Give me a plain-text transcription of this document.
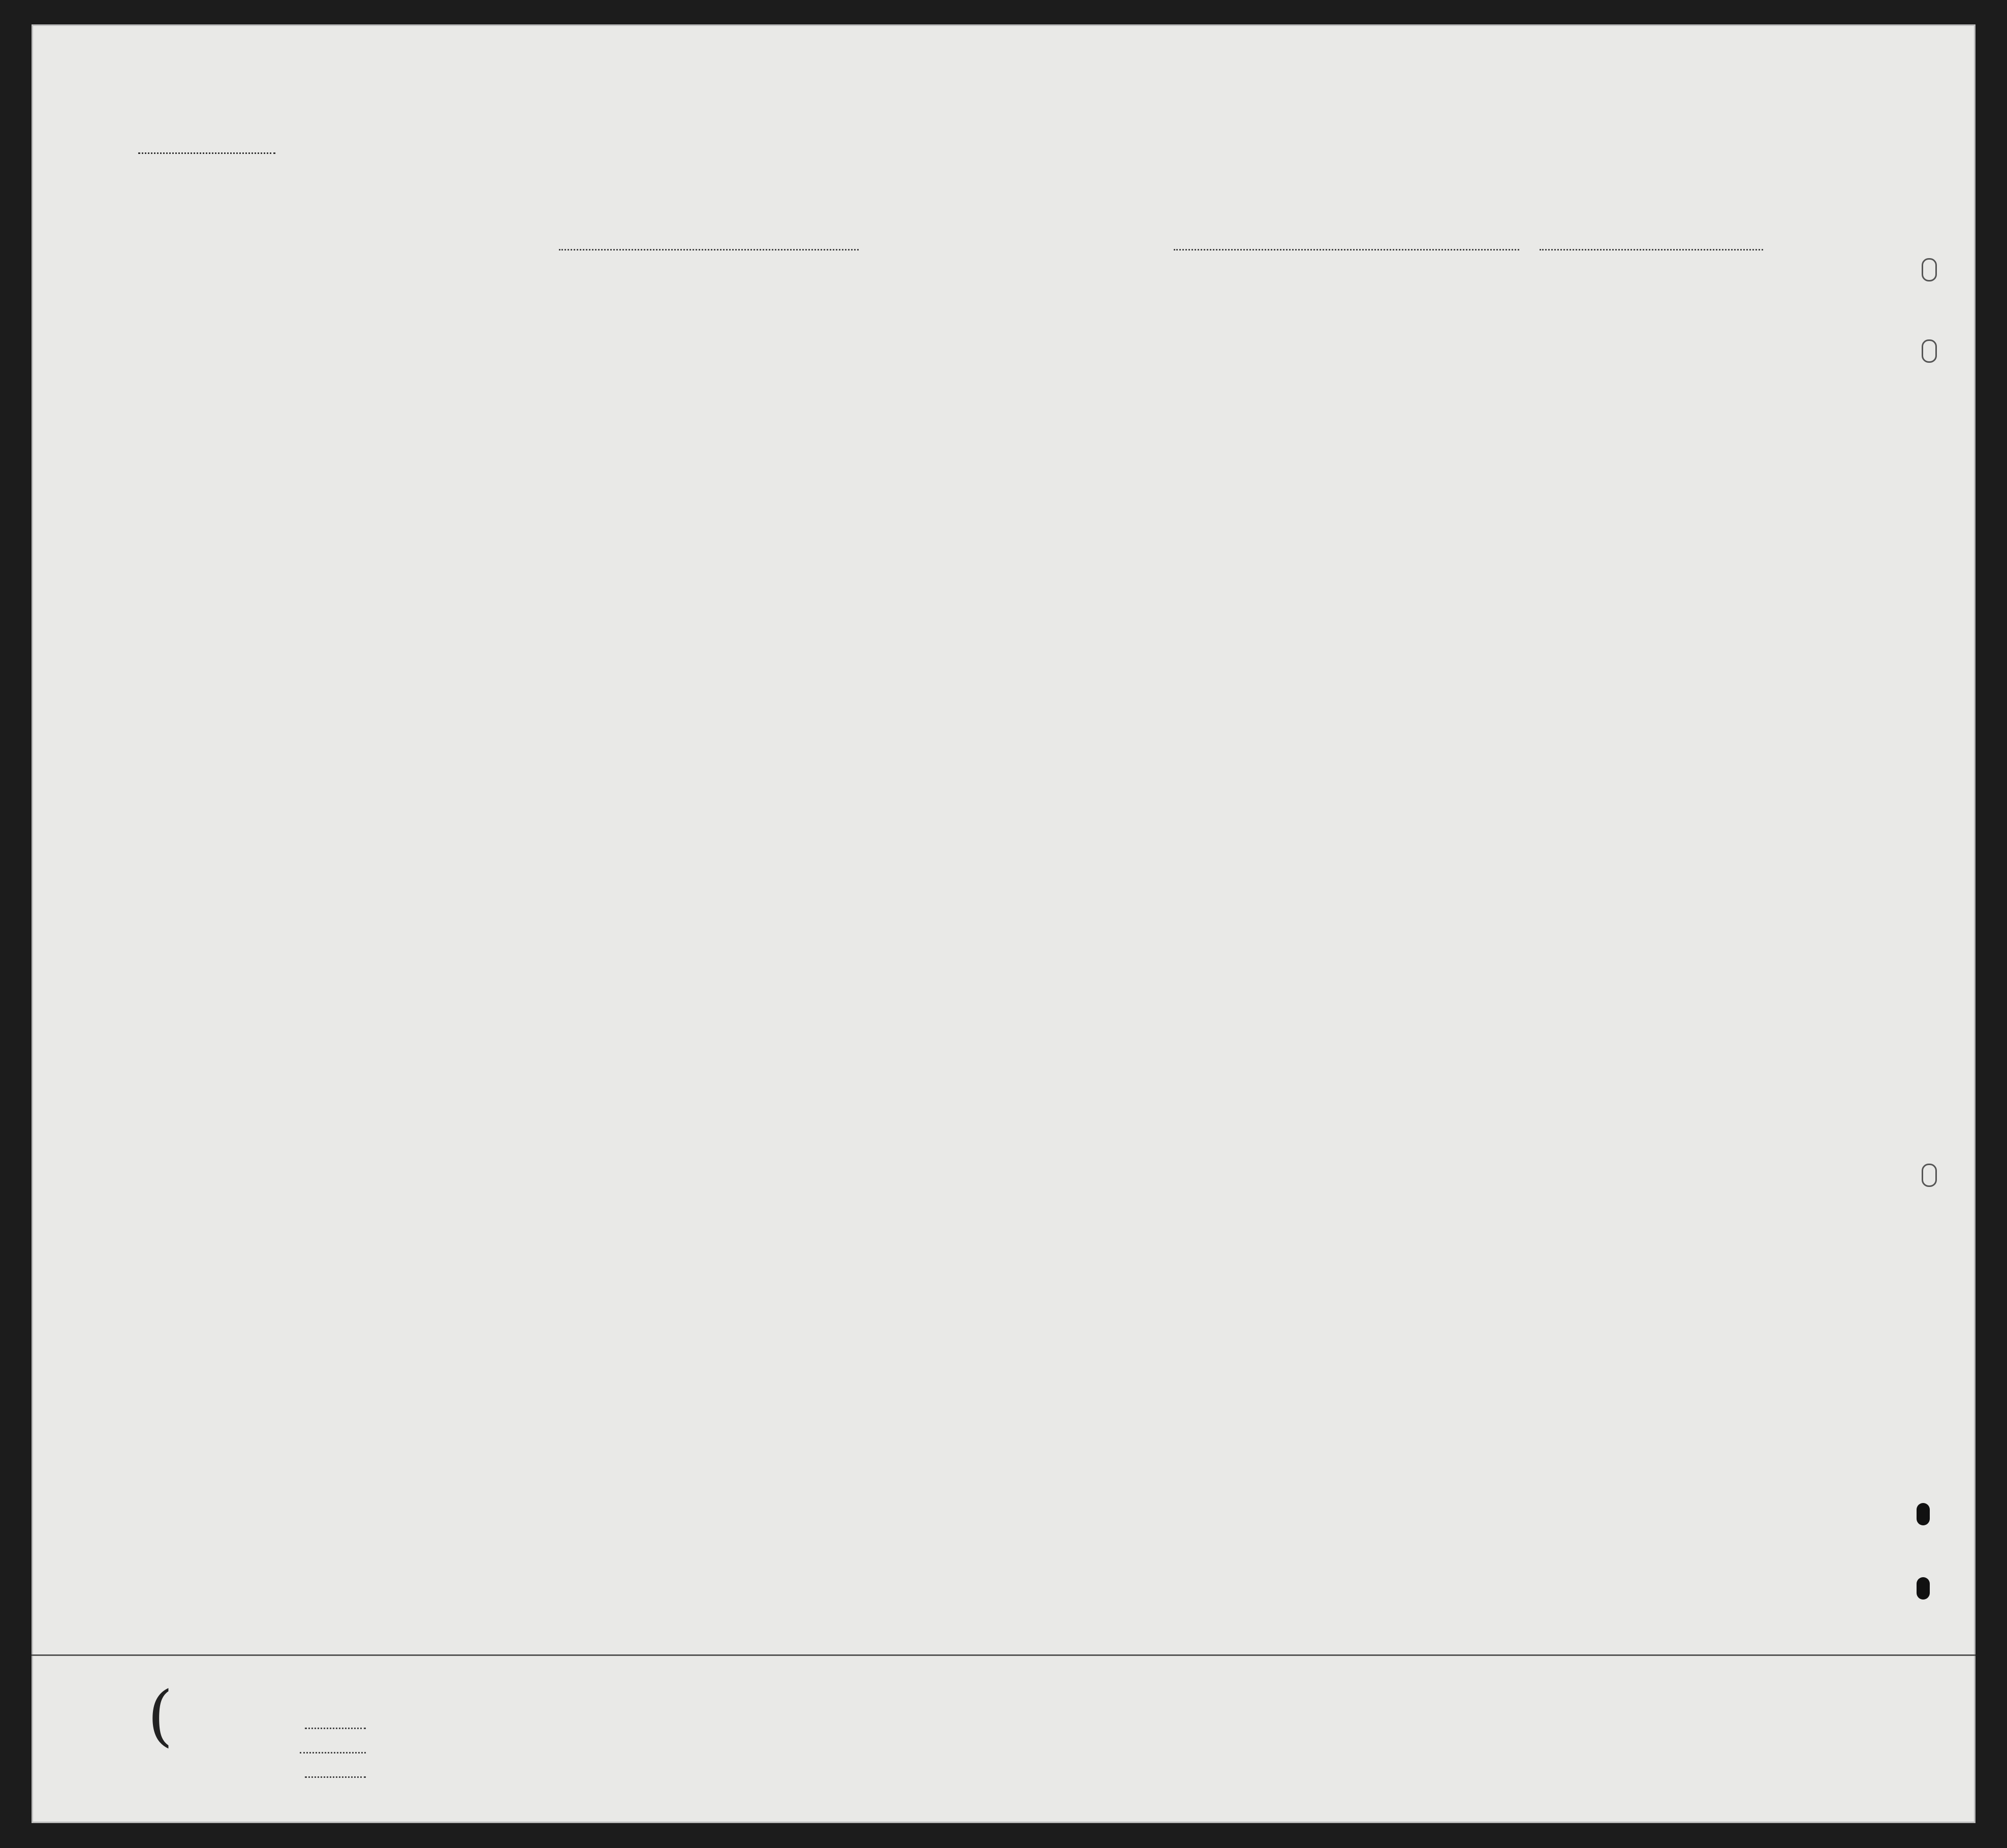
(
